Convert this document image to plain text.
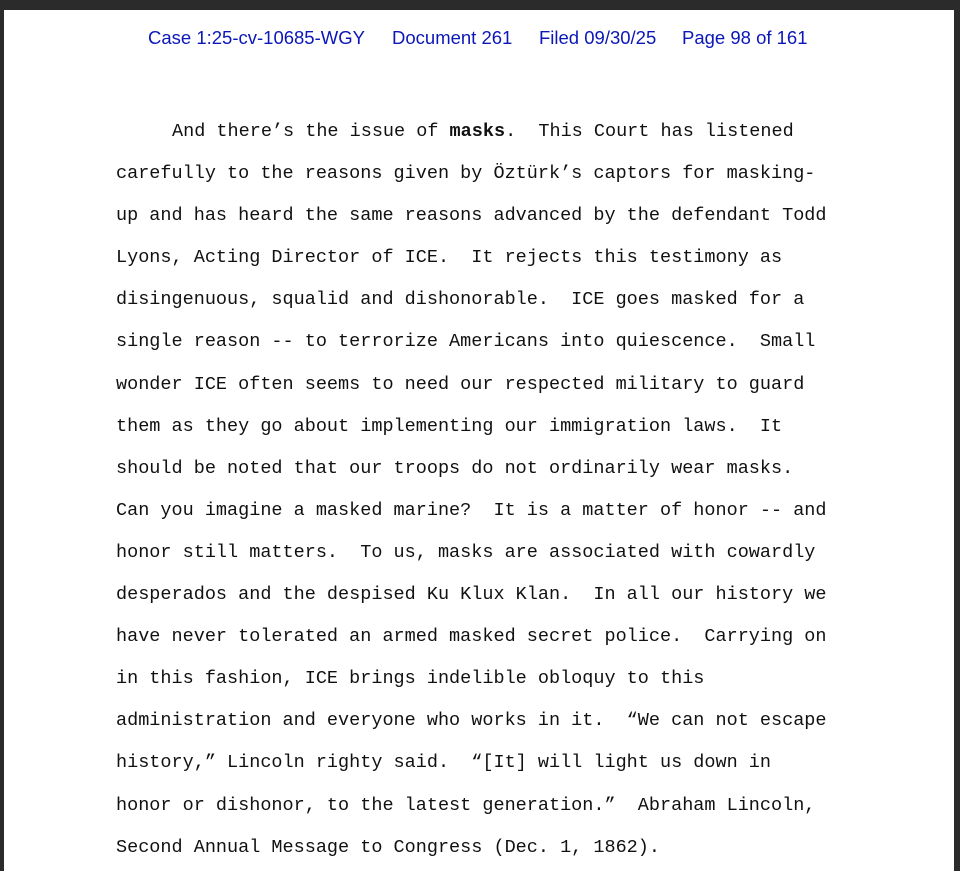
Case 1:25-cv-10685-WGY Document 261 Filed 09/30/25 Page 98 of 161
And there’s the issue of masks.  This Court has listened
carefully to the reasons given by Öztürk’s captors for masking-
up and has heard the same reasons advanced by the defendant Todd
Lyons, Acting Director of ICE.  It rejects this testimony as
disingenuous, squalid and dishonorable.  ICE goes masked for a
single reason -- to terrorize Americans into quiescence.  Small
wonder ICE often seems to need our respected military to guard
them as they go about implementing our immigration laws.  It
should be noted that our troops do not ordinarily wear masks.
Can you imagine a masked marine?  It is a matter of honor -- and
honor still matters.  To us, masks are associated with cowardly
desperados and the despised Ku Klux Klan.  In all our history we
have never tolerated an armed masked secret police.  Carrying on
in this fashion, ICE brings indelible obloquy to this
administration and everyone who works in it.  “We can not escape
history,” Lincoln righty said.  “[It] will light us down in
honor or dishonor, to the latest generation.”  Abraham Lincoln,
Second Annual Message to Congress (Dec. 1, 1862).
